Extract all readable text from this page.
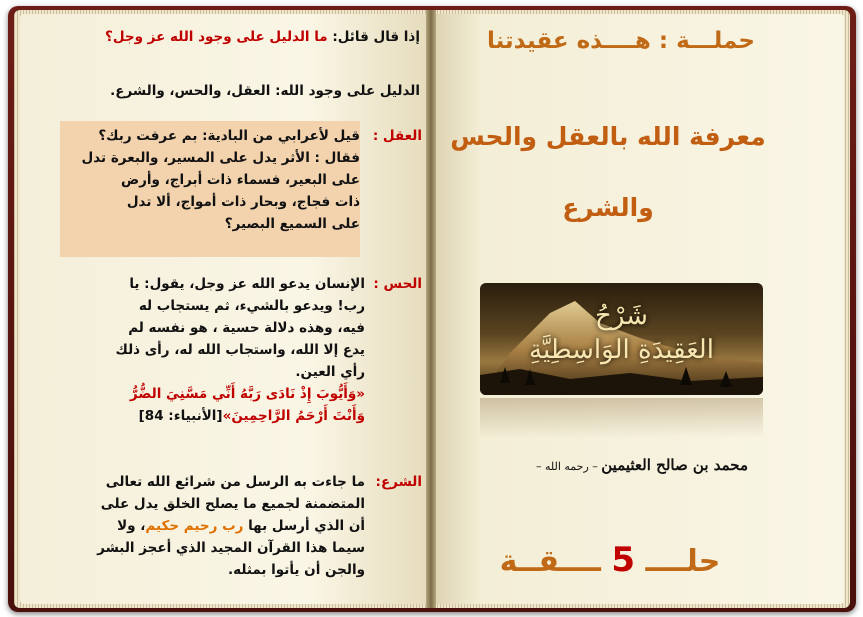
إذا قال قائل: ما الدليل على وجود الله عز وجل؟
الدليل على وجود الله: العقل، والحس، والشرع.
العقل :
قيل لأعرابي من البادية: بم عرفت ربك؟
فقال : الأثر يدل على المسير، والبعرة تدل
على البعير، فسماء ذات أبراج، وأرض
ذات فجاج، وبحار ذات أمواج، ألا تدل
على السميع البصير؟
الحس :
الإنسان يدعو الله عز وجل، يقول: يا
رب! ويدعو بالشيء، ثم يستجاب له
فيه، وهذه دلالة حسية ، هو نفسه لم
يدع إلا الله، واستجاب الله له، رأى ذلك
رأي العين.
«وَأَيُّوبَ إِذْ نَادَى رَبَّهُ أَنِّي مَسَّنِيَ الضُّرُّ
وَأَنْتَ أَرْحَمُ الرَّاحِمِينَ»[الأنبياء: 84]
الشرع:
ما جاءت به الرسل من شرائع الله تعالى
المتضمنة لجميع ما يصلح الخلق يدل على
أن الذي أرسل بها رب رحيم حكيم، ولا
سيما هذا القرآن المجيد الذي أعجز البشر
والجن أن يأتوا بمثله.
حملـــة : هــــذه عقيدتنا
معرفة الله بالعقل والحس
والشرع
شَرْحُ
العَقِيدَةِ الوَاسِطِيَّةِ
محمد بن صالح العثيمين – رحمه الله –
حلــــ 5 ــــقــة
